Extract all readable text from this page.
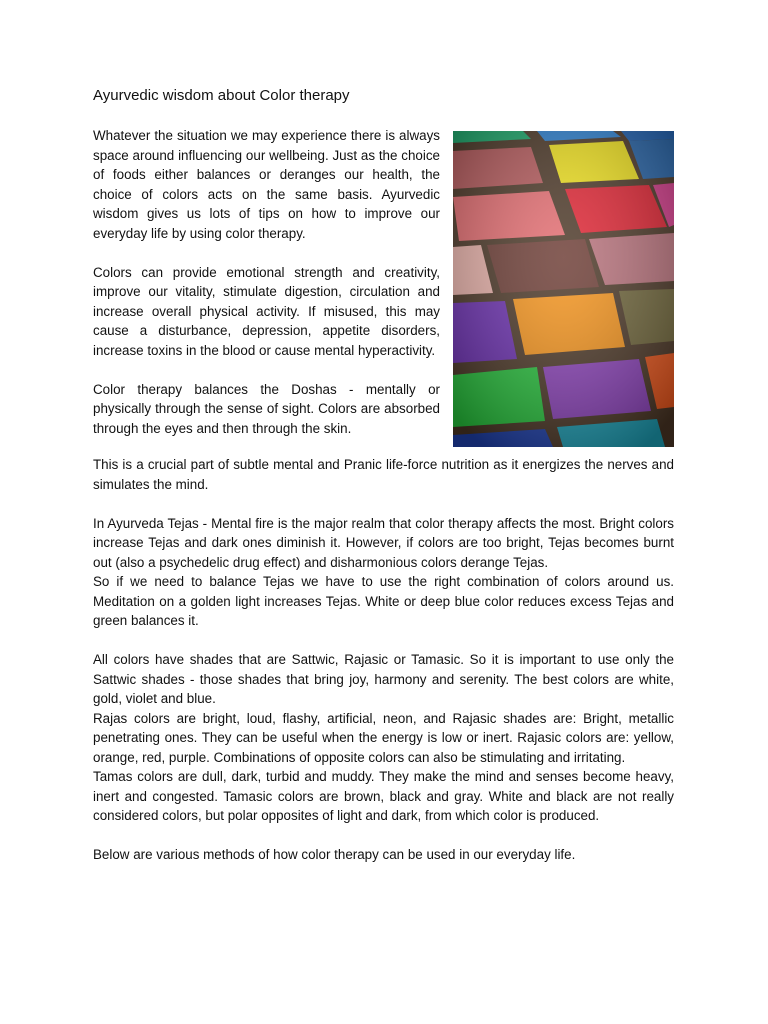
Ayurvedic wisdom about Color therapy

Whatever the situation we may experience there is always space around influencing our wellbeing. Just as the choice of foods either balances or deranges our health, the choice of colors acts on the same basis. Ayurvedic wisdom gives us lots of tips on how to improve our everyday life by using color therapy.

Colors can provide emotional strength and creativity, improve our vitality, stimulate digestion, circulation and increase overall physical activity. If misused, this may cause a disturbance, depression, appetite disorders, increase toxins in the blood or cause mental hyperactivity.

Color therapy balances the Doshas - mentally or physically through the sense of sight. Colors are absorbed through the eyes and then through the skin.

This is a crucial part of subtle mental and Pranic life-force nutrition as it energizes the nerves and simulates the mind.

In Ayurveda Tejas - Mental fire is the major realm that color therapy affects the most. Bright colors increase Tejas and dark ones diminish it. However, if colors are too bright, Tejas becomes burnt out (also a psychedelic drug effect) and disharmonious colors derange Tejas.

So if we need to balance Tejas we have to use the right combination of colors around us. Meditation on a golden light increases Tejas. White or deep blue color reduces excess Tejas and green balances it.

All colors have shades that are Sattwic, Rajasic or Tamasic. So it is important to use only the Sattwic shades - those shades that bring joy, harmony and serenity. The best colors are white, gold, violet and blue.

Rajas colors are bright, loud, flashy, artificial, neon, and Rajasic shades are: Bright, metallic penetrating ones. They can be useful when the energy is low or inert. Rajasic colors are: yellow, orange, red, purple. Combinations of opposite colors can also be stimulating and irritating.

Tamas colors are dull, dark, turbid and muddy. They make the mind and senses become heavy, inert and congested. Tamasic colors are brown, black and gray. White and black are not really considered colors, but polar opposites of light and dark, from which color is produced.

Below are various methods of how color therapy can be used in our everyday life.
